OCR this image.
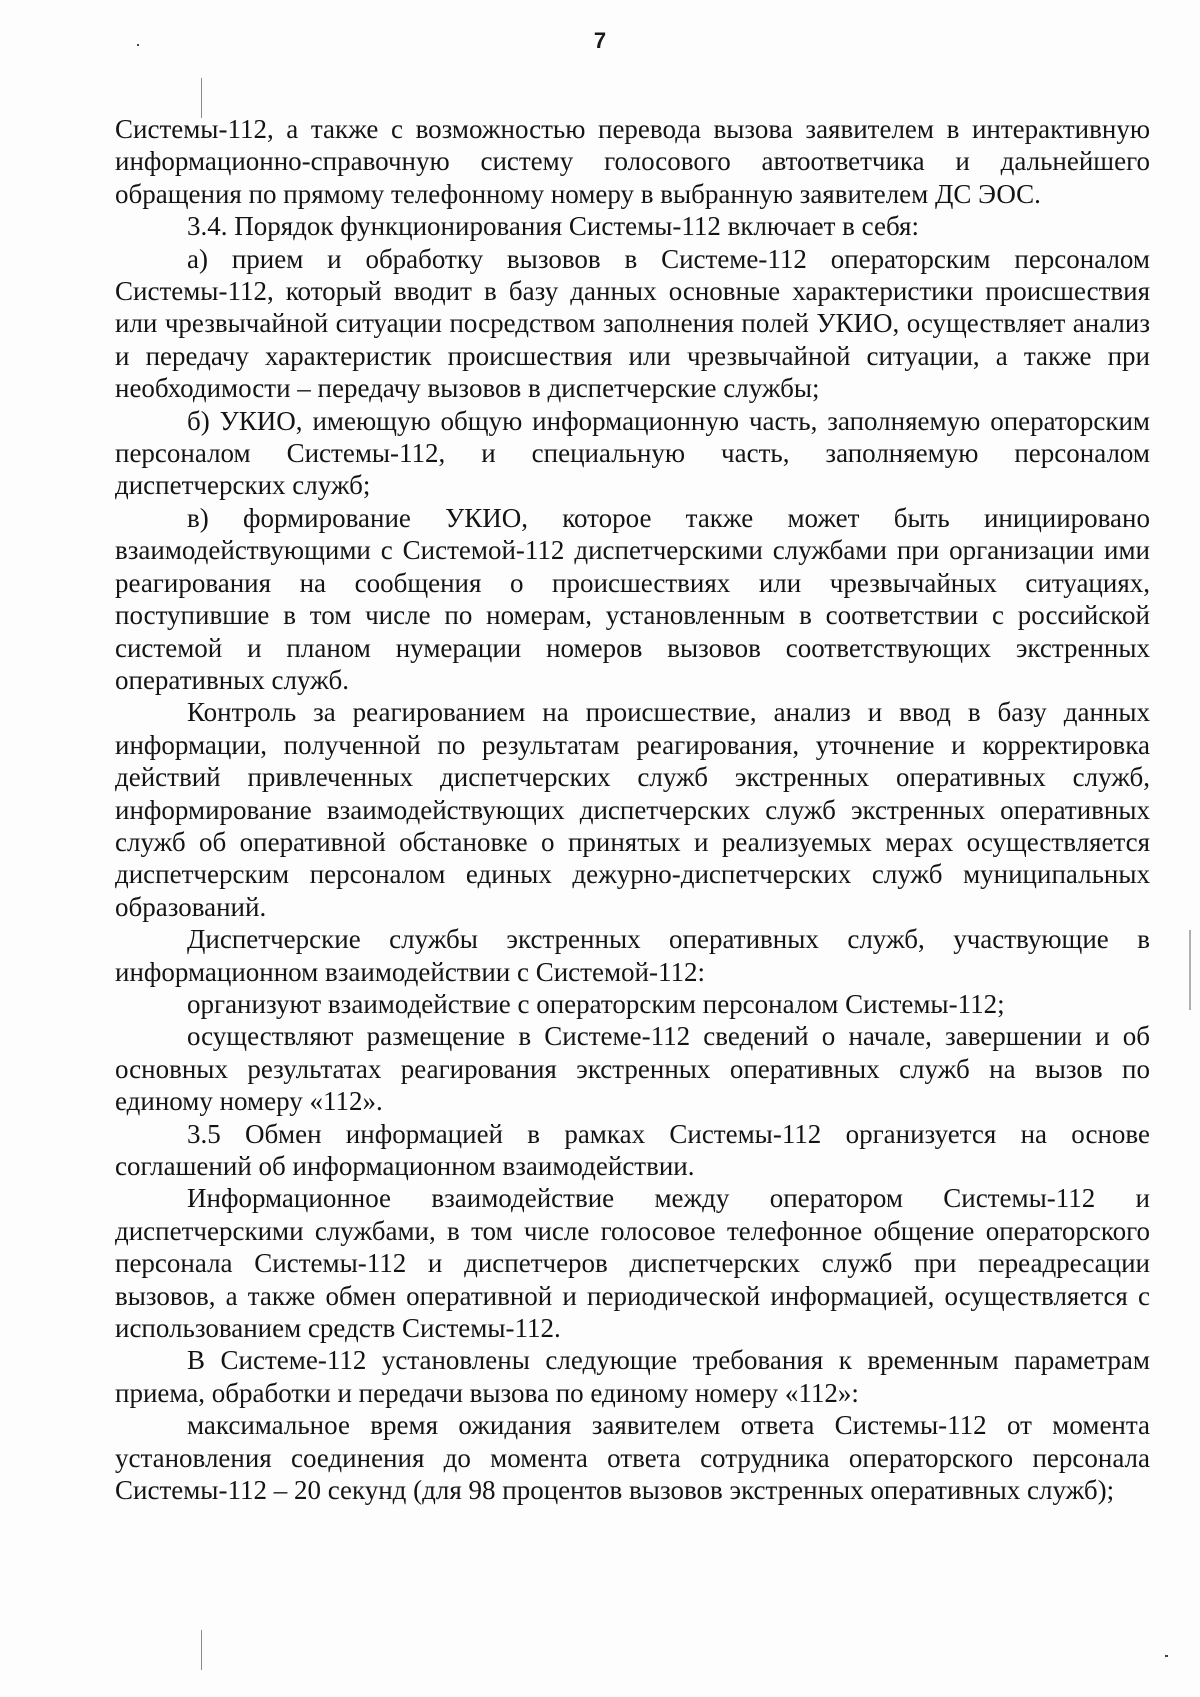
7

Системы-112, а также с возможностью перевода вызова заявителем в интерактивную информационно-справочную систему голосового автоответчика и дальнейшего обращения по прямому телефонному номеру в выбранную заявителем ДС ЭОС.

3.4. Порядок функционирования Системы-112 включает в себя:

а) прием и обработку вызовов в Системе-112 операторским персоналом Системы-112, который вводит в базу данных основные характеристики происшествия или чрезвычайной ситуации посредством заполнения полей УКИО, осуществляет анализ и передачу характеристик происшествия или чрезвычайной ситуации, а также при необходимости – передачу вызовов в диспетчерские службы;

б) УКИО, имеющую общую информационную часть, заполняемую операторским персоналом Системы-112, и специальную часть, заполняемую персоналом диспетчерских служб;

в) формирование УКИО, которое также может быть инициировано взаимодействующими с Системой-112 диспетчерскими службами при организации ими реагирования на сообщения о происшествиях или чрезвычайных ситуациях, поступившие в том числе по номерам, установленным в соответствии с российской системой и планом нумерации номеров вызовов соответствующих экстренных оперативных служб.

Контроль за реагированием на происшествие, анализ и ввод в базу данных информации, полученной по результатам реагирования, уточнение и корректировка действий привлеченных диспетчерских служб экстренных оперативных служб, информирование взаимодействующих диспетчерских служб экстренных оперативных служб об оперативной обстановке о принятых и реализуемых мерах осуществляется диспетчерским персоналом единых дежурно-диспетчерских служб муниципальных образований.

Диспетчерские службы экстренных оперативных служб, участвующие в информационном взаимодействии с Системой-112:

организуют взаимодействие с операторским персоналом Системы-112;

осуществляют размещение в Системе-112 сведений о начале, завершении и об основных результатах реагирования экстренных оперативных служб на вызов по единому номеру «112».

3.5 Обмен информацией в рамках Системы-112 организуется на основе соглашений об информационном взаимодействии.

Информационное взаимодействие между оператором Системы-112 и диспетчерскими службами, в том числе голосовое телефонное общение операторского персонала Системы-112 и диспетчеров диспетчерских служб при переадресации вызовов, а также обмен оперативной и периодической информацией, осуществляется с использованием средств Системы-112.

В Системе-112 установлены следующие требования к временным параметрам приема, обработки и передачи вызова по единому номеру «112»:

максимальное время ожидания заявителем ответа Системы-112 от момента установления соединения до момента ответа сотрудника операторского персонала Системы-112 – 20 секунд (для 98 процентов вызовов экстренных оперативных служб);
